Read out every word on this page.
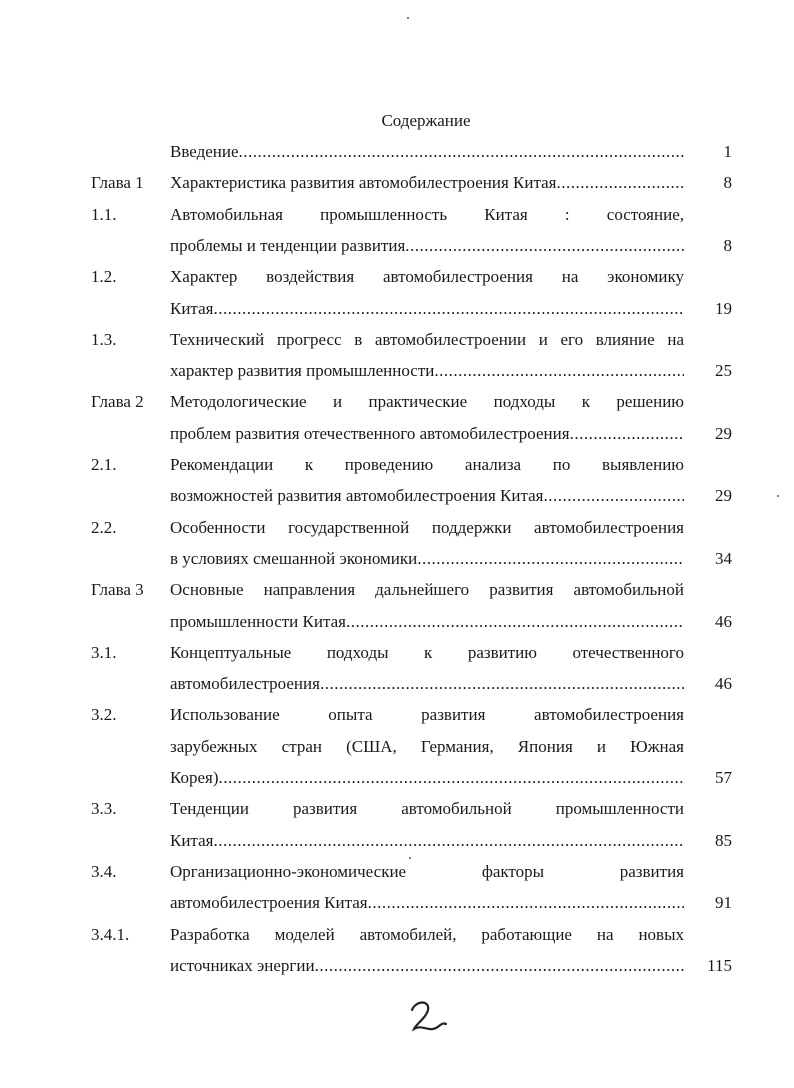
Содержание
Введение .....	1
Глава 1 Характеристика развития автомобилестроения Китая .....	8
1.1.	Автомобильная промышленность Китая : состояние,
проблемы и тенденции развития .....	8
1.2.	Характер воздействия автомобилестроения на экономику
Китая .....	19
1.3.	Технический прогресс в автомобилестроении и его влияние на
характер развития промышленности .....	25
Глава 2 Методологические и практические подходы к решению
проблем развития отечественного автомобилестроения .....	29
2.1.	Рекомендации к проведению анализа по выявлению
возможностей развития автомобилестроения Китая .....	29
2.2.	Особенности государственной поддержки автомобилестроения
в условиях смешанной экономики .....	34
Глава 3 Основные направления дальнейшего развития автомобильной
промышленности Китая .....	46
3.1.	Концептуальные подходы к развитию отечественного
автомобилестроения .....	46
3.2.	Использование опыта развития автомобилестроения
зарубежных стран (США, Германия, Япония и Южная
Корея) .....	57
3.3.	Тенденции развития автомобильной промышленности
Китая .....	85
3.4.	Организационно-экономические факторы развития
автомобилестроения Китая .....	91
3.4.1. Разработка моделей автомобилей, работающие на новых
источниках энергии .....	115
